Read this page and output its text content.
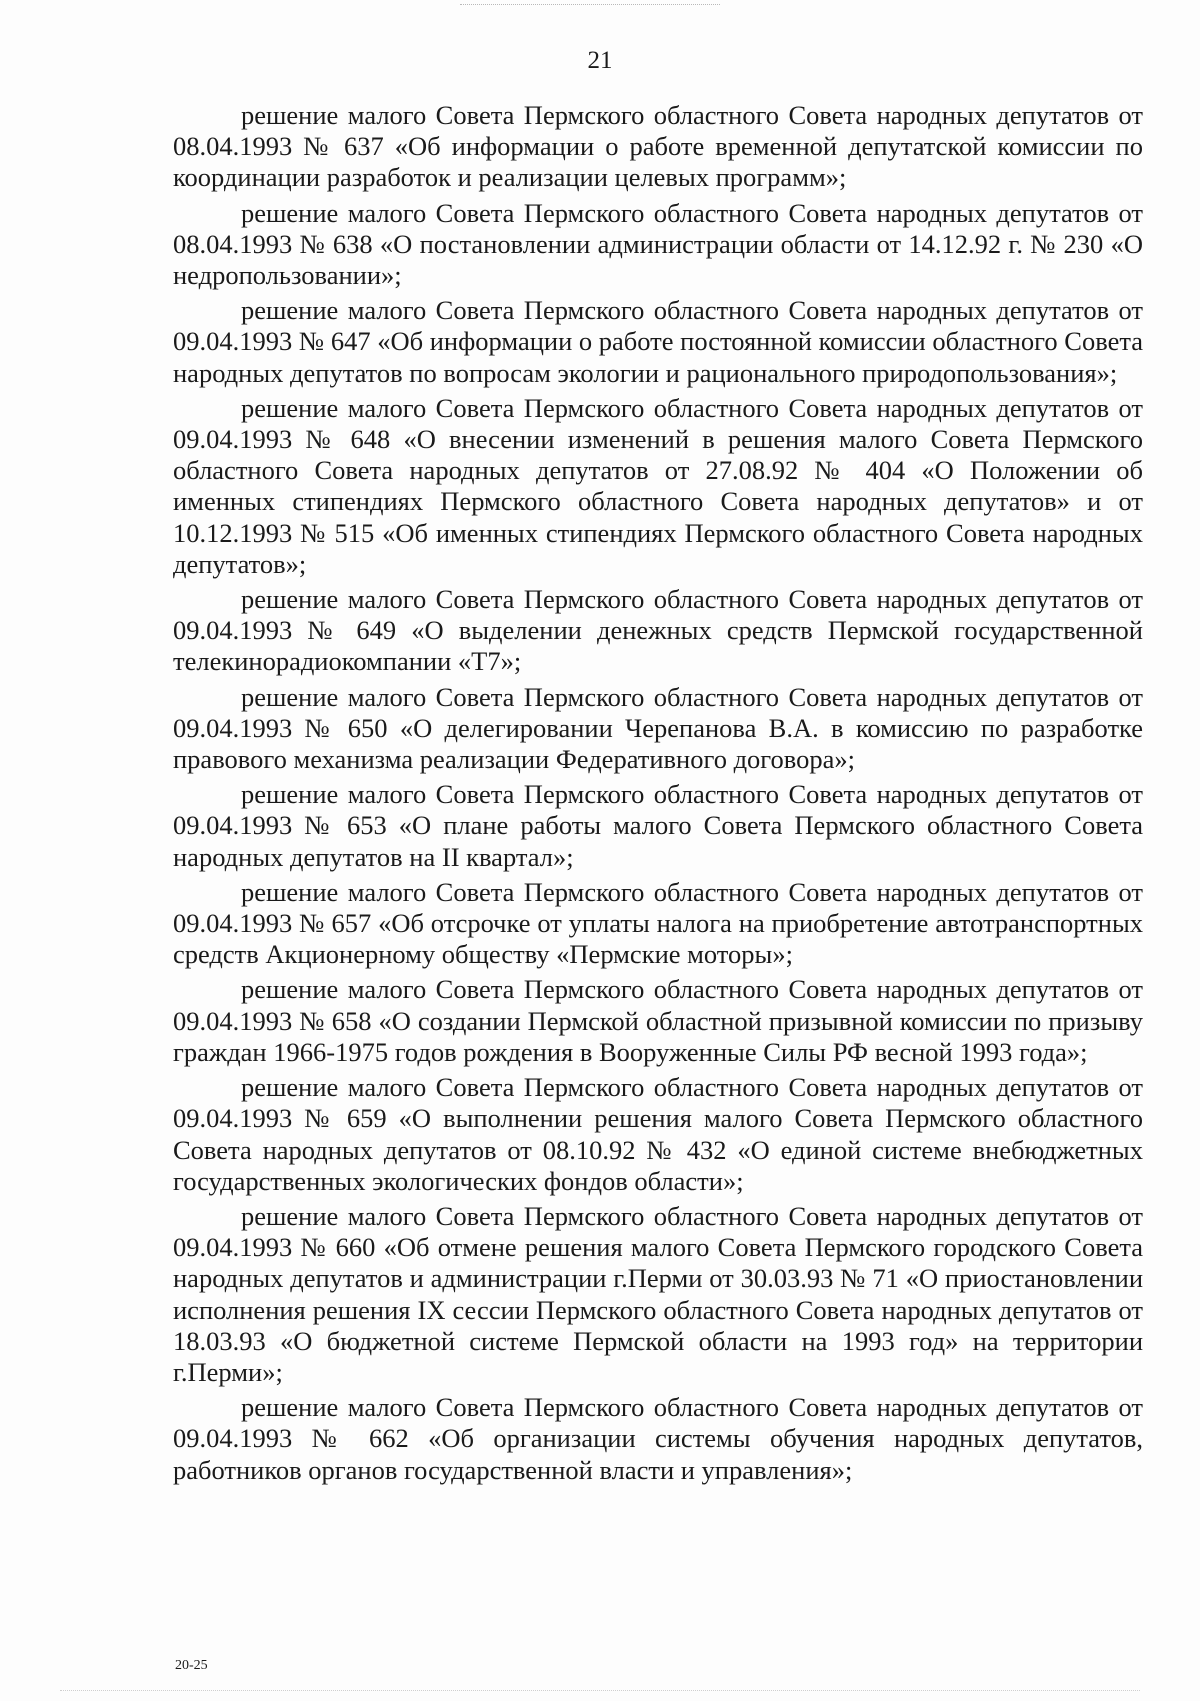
21

решение малого Совета Пермского областного Совета народных депутатов от 08.04.1993 № 637 «Об информации о работе временной депутатской комиссии по координации разработок и реализации целевых программ»;

решение малого Совета Пермского областного Совета народных депутатов от 08.04.1993 № 638 «О постановлении администрации области от 14.12.92 г. № 230 «О недропользовании»;

решение малого Совета Пермского областного Совета народных депутатов от 09.04.1993 № 647 «Об информации о работе постоянной комиссии областного Совета народных депутатов по вопросам экологии и рационального природопользования»;

решение малого Совета Пермского областного Совета народных депутатов от 09.04.1993 № 648 «О внесении изменений в решения малого Совета Пермского областного Совета народных депутатов от 27.08.92 № 404 «О Положении об именных стипендиях Пермского областного Совета народных депутатов» и от 10.12.1993 № 515 «Об именных стипендиях Пермского областного Совета народных депутатов»;

решение малого Совета Пермского областного Совета народных депутатов от 09.04.1993 № 649 «О выделении денежных средств Пермской государственной телекинорадиокомпании «Т7»;

решение малого Совета Пермского областного Совета народных депутатов от 09.04.1993 № 650 «О делегировании Черепанова В.А. в комиссию по разработке правового механизма реализации Федеративного договора»;

решение малого Совета Пермского областного Совета народных депутатов от 09.04.1993 № 653 «О плане работы малого Совета Пермского областного Совета народных депутатов на II квартал»;

решение малого Совета Пермского областного Совета народных депутатов от 09.04.1993 № 657 «Об отсрочке от уплаты налога на приобретение автотранспортных средств Акционерному обществу «Пермские моторы»;

решение малого Совета Пермского областного Совета народных депутатов от 09.04.1993 № 658 «О создании Пермской областной призывной комиссии по призыву граждан 1966-1975 годов рождения в Вооруженные Силы РФ весной 1993 года»;

решение малого Совета Пермского областного Совета народных депутатов от 09.04.1993 № 659 «О выполнении решения малого Совета Пермского областного Совета народных депутатов от 08.10.92 № 432 «О единой системе внебюджетных государственных экологических фондов области»;

решение малого Совета Пермского областного Совета народных депутатов от 09.04.1993 № 660 «Об отмене решения малого Совета Пермского городского Совета народных депутатов и администрации г.Перми от 30.03.93 № 71 «О приостановлении исполнения решения IX сессии Пермского областного Совета народных депутатов от 18.03.93 «О бюджетной системе Пермской области на 1993 год» на территории г.Перми»;

решение малого Совета Пермского областного Совета народных депутатов от 09.04.1993 № 662 «Об организации системы обучения народных депутатов, работников органов государственной власти и управления»;

20-25
